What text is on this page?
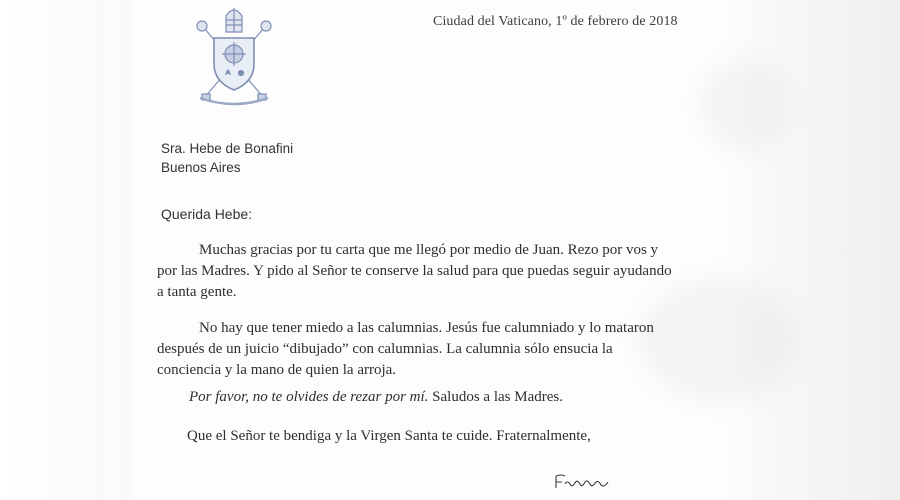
Ciudad del Vaticano, 1º de febrero de 2018
Sra. Hebe de Bonafini
Buenos Aires
Querida Hebe:

Muchas gracias por tu carta que me llegó por medio de Juan. Rezo por vos y
por las Madres. Y pido al Señor te conserve la salud para que puedas seguir ayudando
a tanta gente.

No hay que tener miedo a las calumnias. Jesús fue calumniado y lo mataron
después de un juicio “dibujado” con calumnias. La calumnia sólo ensucia la
conciencia y la mano de quien la arroja.

Por favor, no te olvides de rezar por mí. Saludos a las Madres.

Que el Señor te bendiga y la Virgen Santa te cuide. Fraternalmente,
